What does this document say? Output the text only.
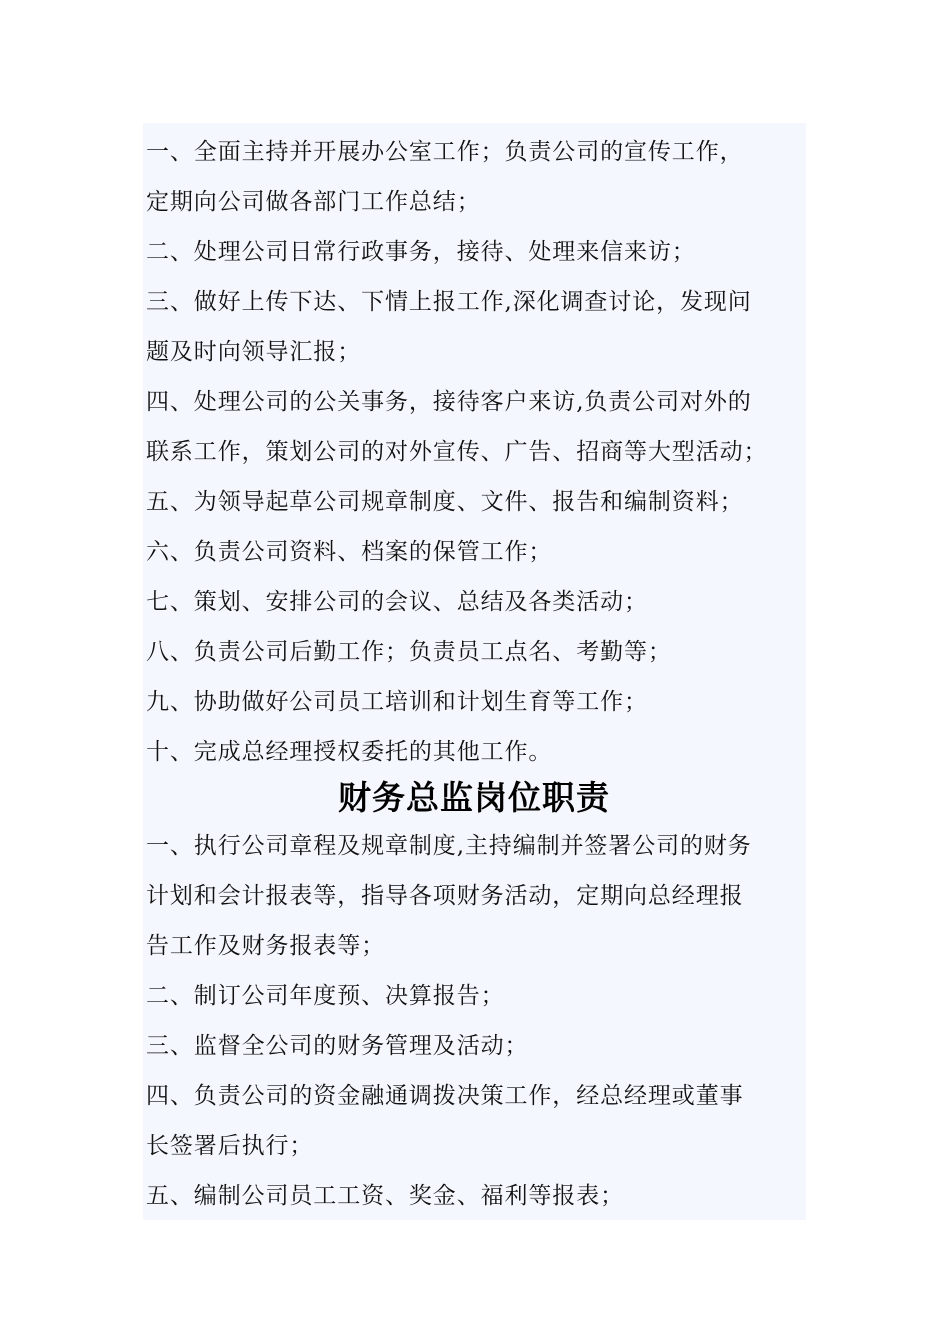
一、全面主持并开展办公室工作；负责公司的宣传工作，
定期向公司做各部门工作总结；
二、处理公司日常行政事务，接待、处理来信来访；
三、做好上传下达、下情上报工作,深化调查讨论，发现问
题及时向领导汇报；
四、处理公司的公关事务，接待客户来访,负责公司对外的
联系工作，策划公司的对外宣传、广告、招商等大型活动；
五、为领导起草公司规章制度、文件、报告和编制资料；
六、负责公司资料、档案的保管工作；
七、策划、安排公司的会议、总结及各类活动；
八、负责公司后勤工作；负责员工点名、考勤等；
九、协助做好公司员工培训和计划生育等工作；
十、完成总经理授权委托的其他工作。
财务总监岗位职责
一、执行公司章程及规章制度,主持编制并签署公司的财务
计划和会计报表等，指导各项财务活动，定期向总经理报
告工作及财务报表等；
二、制订公司年度预、决算报告；
三、监督全公司的财务管理及活动；
四、负责公司的资金融通调拨决策工作，经总经理或董事
长签署后执行；
五、编制公司员工工资、奖金、福利等报表；
